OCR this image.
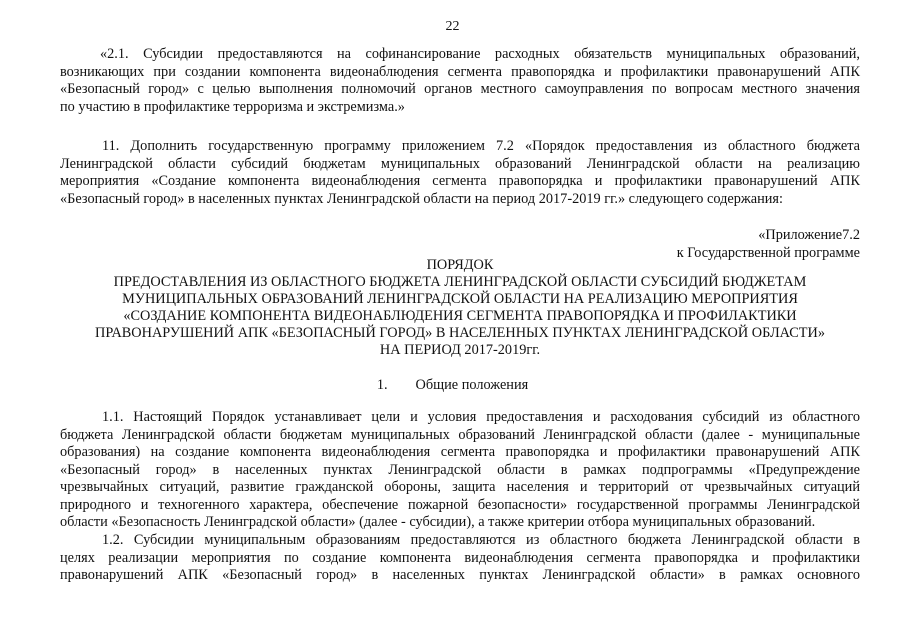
22
«2.1. Субсидии предоставляются на софинансирование расходных обязательств муниципальных образований,
возникающих при создании компонента видеонаблюдения сегмента правопорядка и профилактики правонарушений АПК
«Безопасный город» с целью выполнения полномочий органов местного самоуправления по вопросам местного значения
по участию в профилактике терроризма и экстремизма.»
11. Дополнить государственную программу приложением 7.2 «Порядок предоставления из областного бюджета
Ленинградской области субсидий бюджетам муниципальных образований Ленинградской области на реализацию
мероприятия «Создание компонента видеонаблюдения сегмента правопорядка и профилактики правонарушений АПК
«Безопасный город» в населенных пунктах Ленинградской области на период 2017-2019 гг.» следующего содержания:
«Приложение7.2
к Государственной программе
ПОРЯДОК
ПРЕДОСТАВЛЕНИЯ ИЗ ОБЛАСТНОГО БЮДЖЕТА ЛЕНИНГРАДСКОЙ ОБЛАСТИ СУБСИДИЙ БЮДЖЕТАМ
МУНИЦИПАЛЬНЫХ ОБРАЗОВАНИЙ ЛЕНИНГРАДСКОЙ ОБЛАСТИ НА РЕАЛИЗАЦИЮ МЕРОПРИЯТИЯ
«СОЗДАНИЕ КОМПОНЕНТА ВИДЕОНАБЛЮДЕНИЯ СЕГМЕНТА ПРАВОПОРЯДКА И ПРОФИЛАКТИКИ
ПРАВОНАРУШЕНИЙ АПК «БЕЗОПАСНЫЙ ГОРОД» В НАСЕЛЕННЫХ ПУНКТАХ ЛЕНИНГРАДСКОЙ ОБЛАСТИ»
НА ПЕРИОД 2017-2019гг.
1. Общие положения
1.1. Настоящий Порядок устанавливает цели и условия предоставления и расходования субсидий из областного
бюджета Ленинградской области бюджетам муниципальных образований Ленинградской области (далее - муниципальные
образования) на создание компонента видеонаблюдения сегмента правопорядка и профилактики правонарушений АПК
«Безопасный город» в населенных пунктах Ленинградской области в рамках подпрограммы «Предупреждение
чрезвычайных ситуаций, развитие гражданской обороны, защита населения и территорий от чрезвычайных ситуаций
природного и техногенного характера, обеспечение пожарной безопасности» государственной программы Ленинградской
области «Безопасность Ленинградской области» (далее - субсидии), а также критерии отбора муниципальных образований.
1.2. Субсидии муниципальным образованиям предоставляются из областного бюджета Ленинградской области в
целях реализации мероприятия по создание компонента видеонаблюдения сегмента правопорядка и профилактики
правонарушений АПК «Безопасный город» в населенных пунктах Ленинградской области» в рамках основного
